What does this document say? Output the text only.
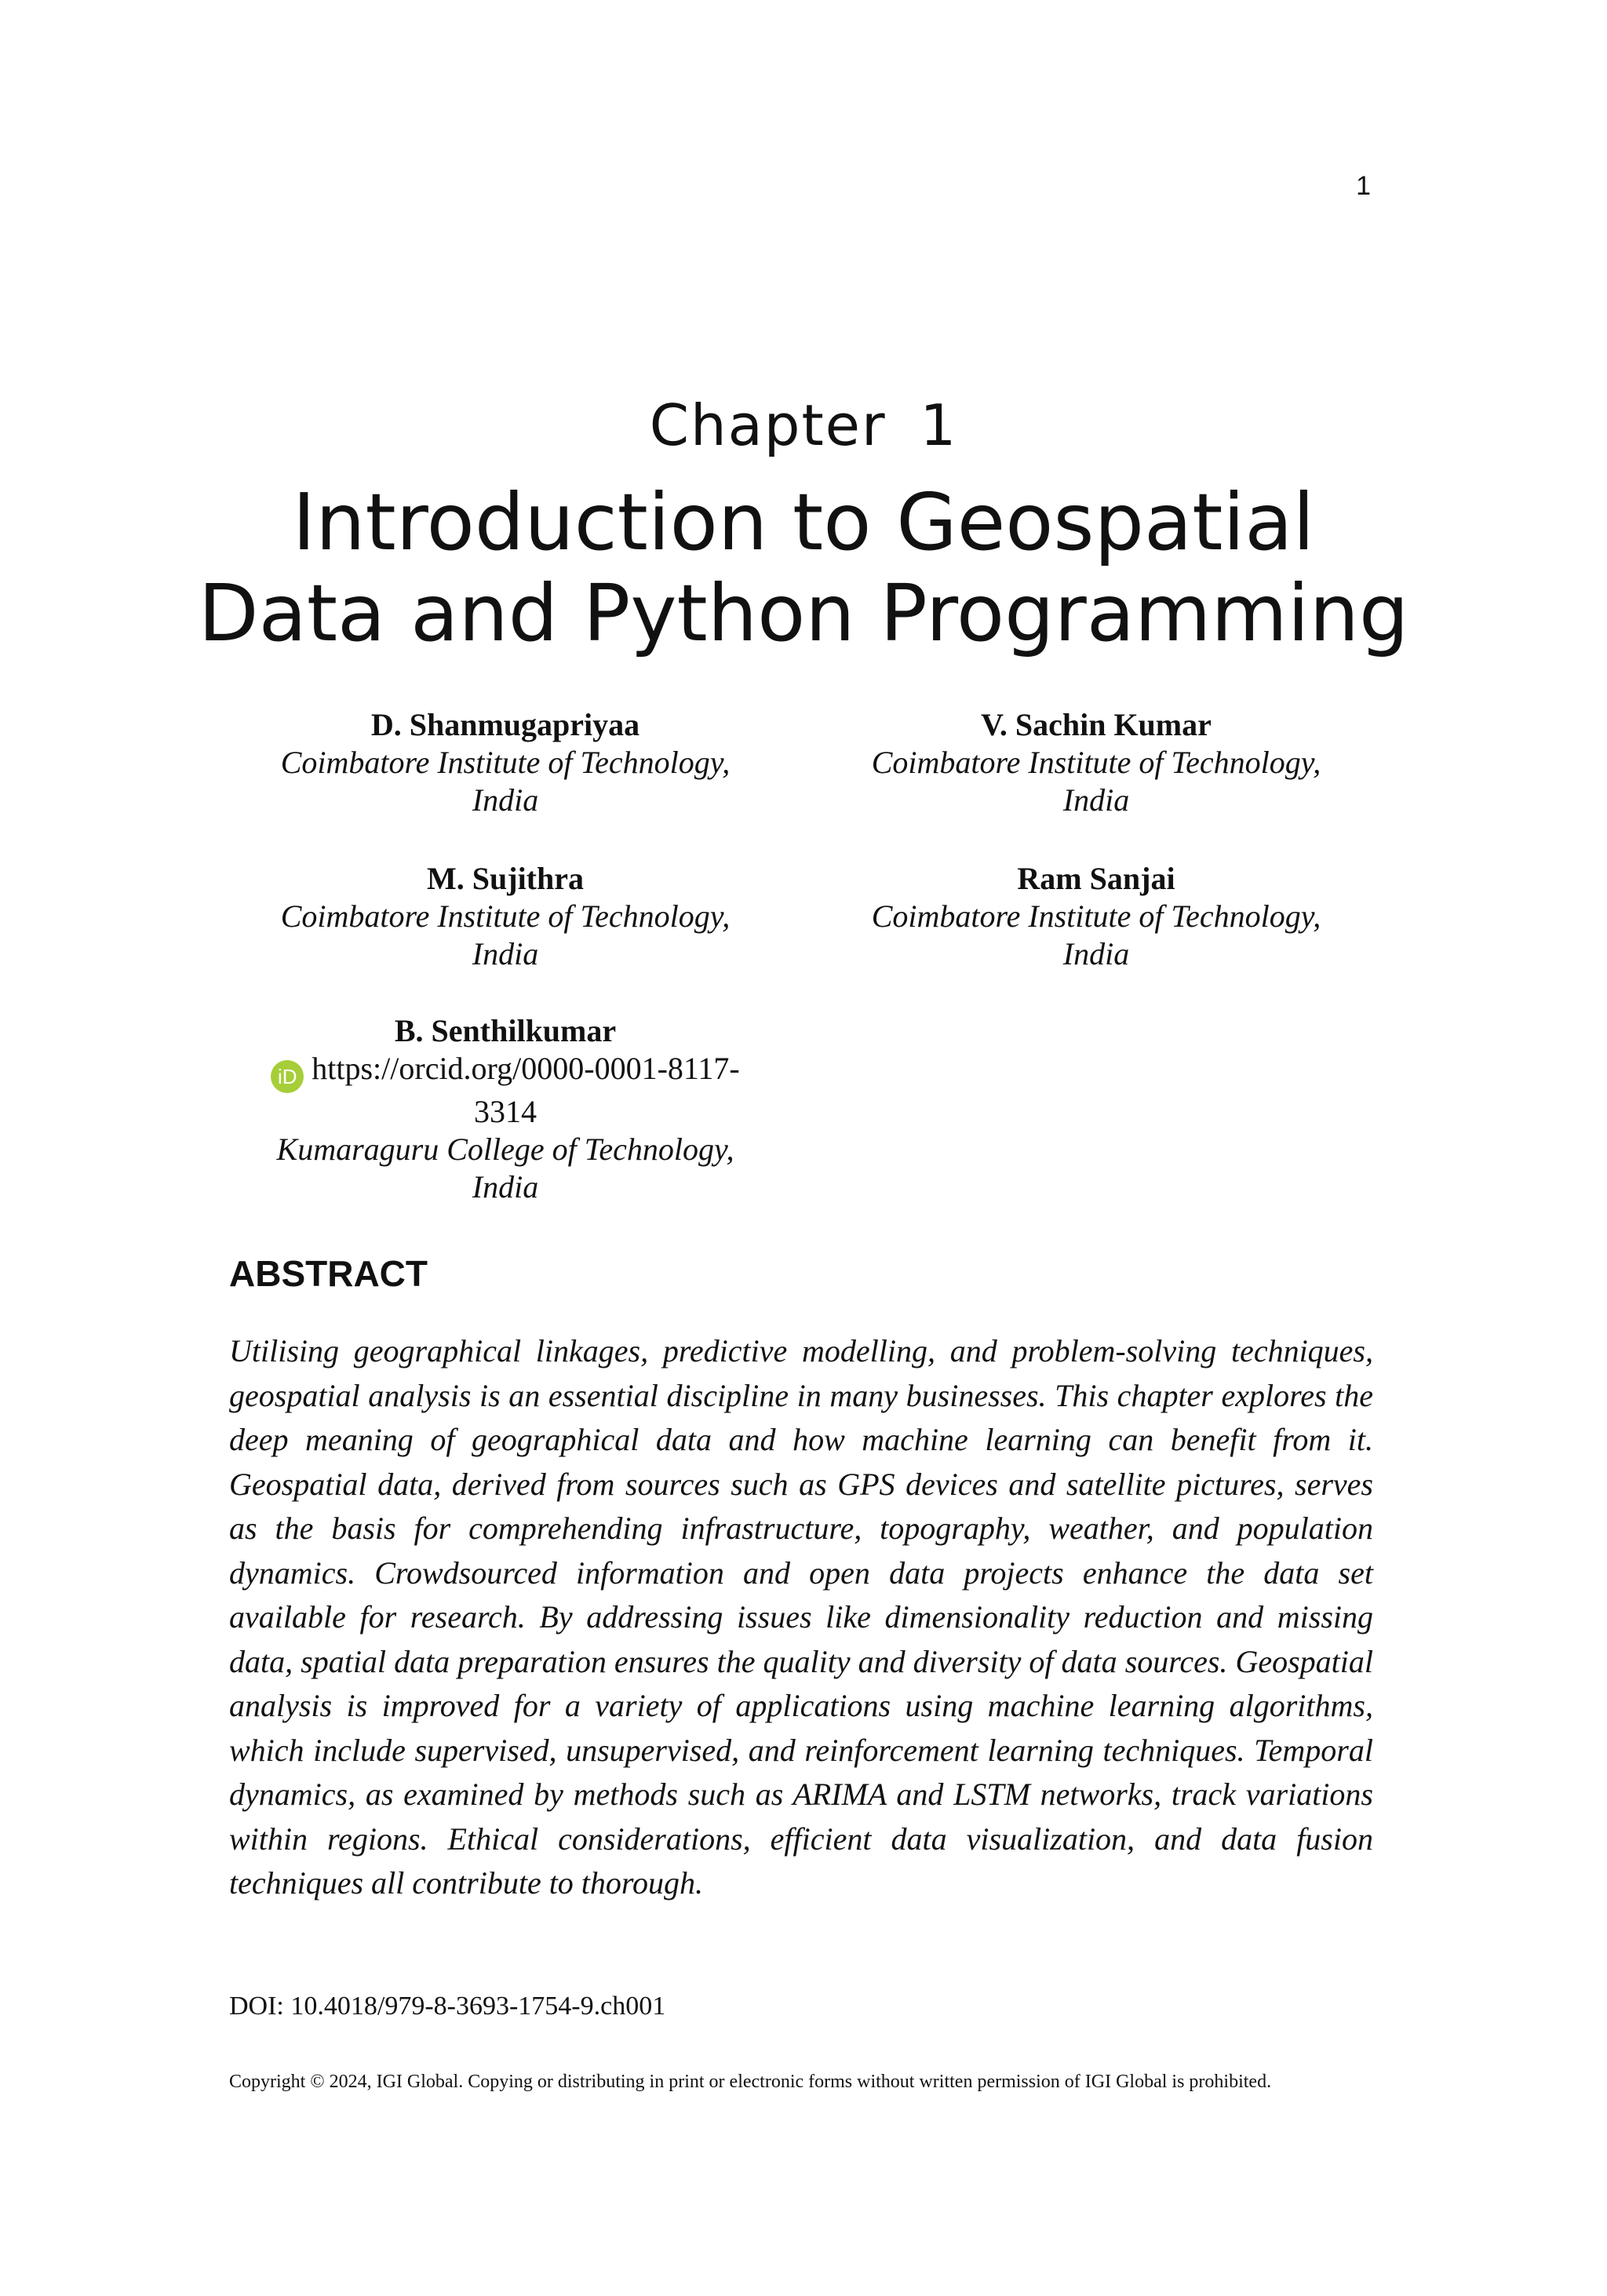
1
Chapter 1
Introduction to Geospatial
Data and Python Programming
D. Shanmugapriyaa
Coimbatore Institute of Technology,
India
V. Sachin Kumar
Coimbatore Institute of Technology,
India
M. Sujithra
Coimbatore Institute of Technology,
India
Ram Sanjai
Coimbatore Institute of Technology,
India
B. Senthilkumar
iD https://orcid.org/0000-0001-8117-
3314
Kumaraguru College of Technology,
India
ABSTRACT
Utilising geographical linkages, predictive modelling, and problem-solving techniques, geospatial analysis is an essential discipline in many businesses. This chapter explores the deep meaning of geographical data and how machine learning can benefit from it. Geospatial data, derived from sources such as GPS devices and satellite pictures, serves as the basis for comprehending infrastructure, topography, weather, and population dynamics. Crowdsourced information and open data projects enhance the data set available for research. By addressing issues like dimensionality reduction and missing data, spatial data preparation ensures the quality and diversity of data sources. Geospatial analysis is improved for a variety of applications using machine learning algorithms, which include supervised, unsupervised, and reinforcement learning techniques. Temporal dynamics, as examined by methods such as ARIMA and LSTM networks, track variations within regions. Ethical considerations, efficient data visualization, and data fusion techniques all contribute to thorough.
DOI: 10.4018/979-8-3693-1754-9.ch001
Copyright © 2024, IGI Global. Copying or distributing in print or electronic forms without written permission of IGI Global is prohibited.
